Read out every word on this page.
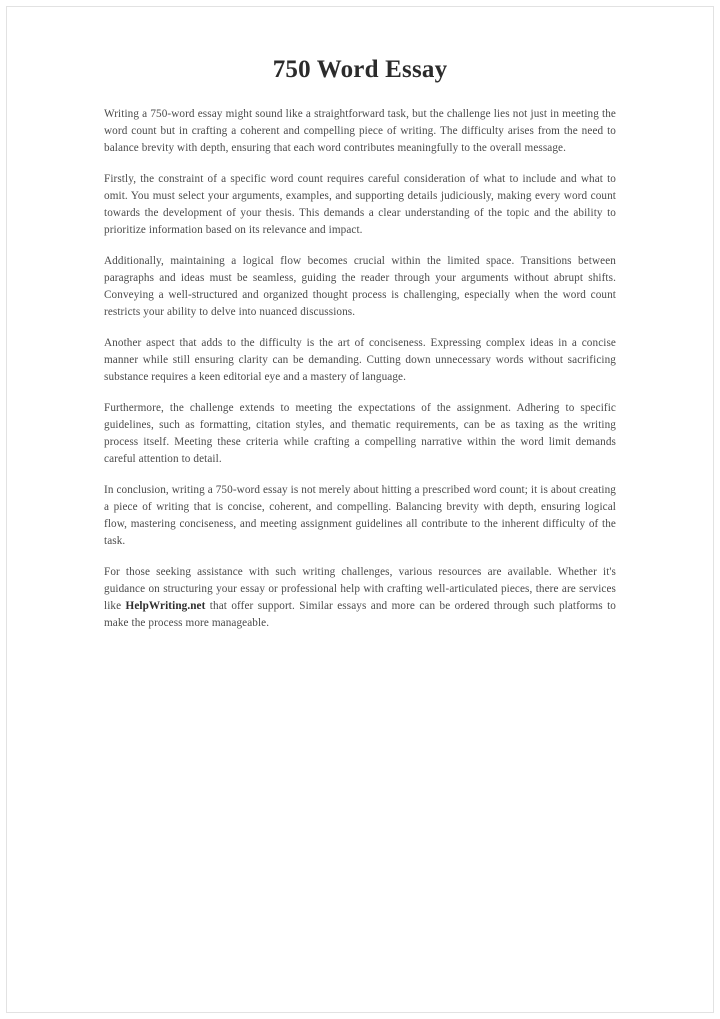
750 Word Essay

Writing a 750-word essay might sound like a straightforward task, but the challenge lies not just in meeting the word count but in crafting a coherent and compelling piece of writing. The difficulty arises from the need to balance brevity with depth, ensuring that each word contributes meaningfully to the overall message.

Firstly, the constraint of a specific word count requires careful consideration of what to include and what to omit. You must select your arguments, examples, and supporting details judiciously, making every word count towards the development of your thesis. This demands a clear understanding of the topic and the ability to prioritize information based on its relevance and impact.

Additionally, maintaining a logical flow becomes crucial within the limited space. Transitions between paragraphs and ideas must be seamless, guiding the reader through your arguments without abrupt shifts. Conveying a well-structured and organized thought process is challenging, especially when the word count restricts your ability to delve into nuanced discussions.

Another aspect that adds to the difficulty is the art of conciseness. Expressing complex ideas in a concise manner while still ensuring clarity can be demanding. Cutting down unnecessary words without sacrificing substance requires a keen editorial eye and a mastery of language.

Furthermore, the challenge extends to meeting the expectations of the assignment. Adhering to specific guidelines, such as formatting, citation styles, and thematic requirements, can be as taxing as the writing process itself. Meeting these criteria while crafting a compelling narrative within the word limit demands careful attention to detail.

In conclusion, writing a 750-word essay is not merely about hitting a prescribed word count; it is about creating a piece of writing that is concise, coherent, and compelling. Balancing brevity with depth, ensuring logical flow, mastering conciseness, and meeting assignment guidelines all contribute to the inherent difficulty of the task.

For those seeking assistance with such writing challenges, various resources are available. Whether it's guidance on structuring your essay or professional help with crafting well-articulated pieces, there are services like HelpWriting.net that offer support. Similar essays and more can be ordered through such platforms to make the process more manageable.
